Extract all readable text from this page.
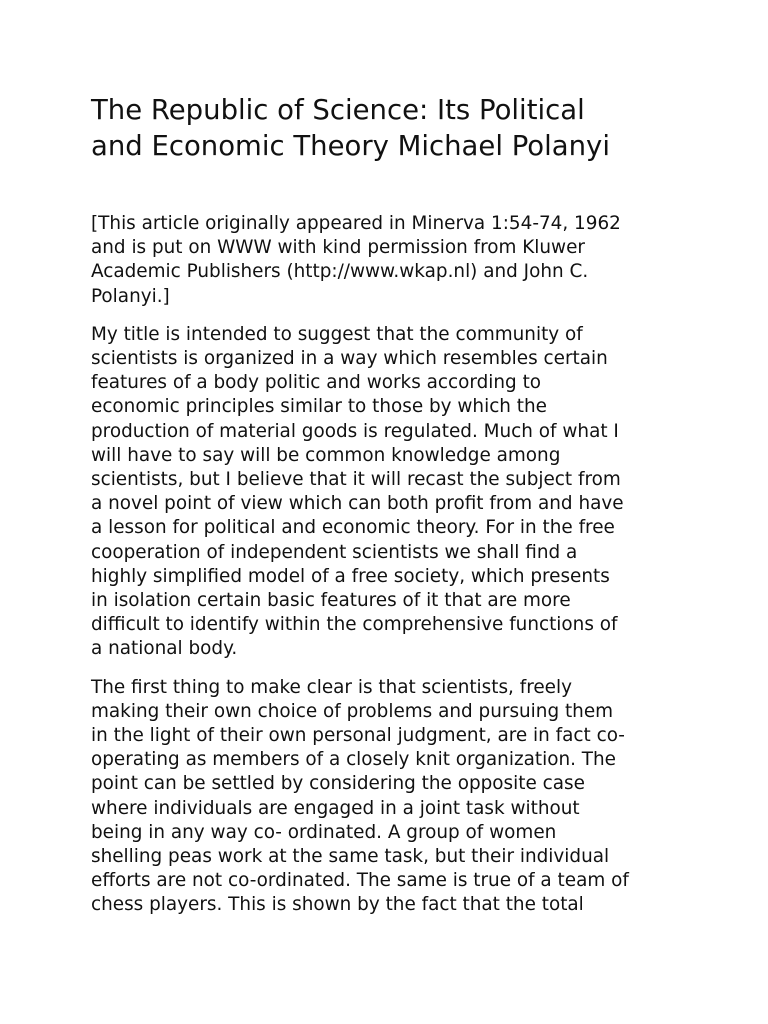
The Republic of Science: Its Political
and Economic Theory Michael Polanyi

[This article originally appeared in Minerva 1:54-74, 1962
and is put on WWW with kind permission from Kluwer
Academic Publishers (http://www.wkap.nl) and John C.
Polanyi.]

My title is intended to suggest that the community of
scientists is organized in a way which resembles certain
features of a body politic and works according to
economic principles similar to those by which the
production of material goods is regulated. Much of what I
will have to say will be common knowledge among
scientists, but I believe that it will recast the subject from
a novel point of view which can both profit from and have
a lesson for political and economic theory. For in the free
cooperation of independent scientists we shall find a
highly simplified model of a free society, which presents
in isolation certain basic features of it that are more
difficult to identify within the comprehensive functions of
a national body.

The first thing to make clear is that scientists, freely
making their own choice of problems and pursuing them
in the light of their own personal judgment, are in fact co-
operating as members of a closely knit organization. The
point can be settled by considering the opposite case
where individuals are engaged in a joint task without
being in any way co- ordinated. A group of women
shelling peas work at the same task, but their individual
efforts are not co-ordinated. The same is true of a team of
chess players. This is shown by the fact that the total
